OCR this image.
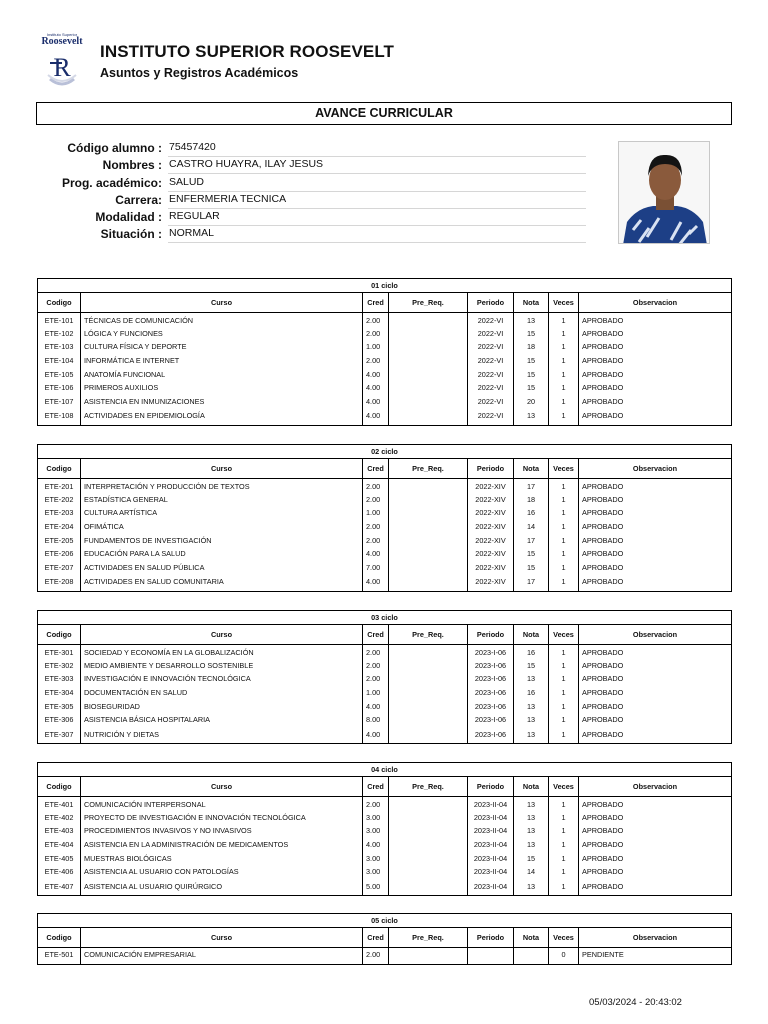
Instituto Superior
Roosevelt
R
INSTITUTO SUPERIOR ROOSEVELT
Asuntos y Registros Académicos
AVANCE CURRICULAR
Código alumno : 75457420
Nombres : CASTRO HUAYRA, ILAY JESUS
Prog. académico: SALUD
Carrera: ENFERMERIA TECNICA
Modalidad : REGULAR
Situación : NORMAL
01 ciclo							
Codigo	Curso	Cred	Pre_Req.	Periodo	Nota	Veces	Observacion
ETE-101	TÉCNICAS DE COMUNICACIÓN	2.00		2022-VI	13	1	APROBADO
ETE-102	LÓGICA Y FUNCIONES	2.00		2022-VI	15	1	APROBADO
ETE-103	CULTURA FÍSICA Y DEPORTE	1.00		2022-VI	18	1	APROBADO
ETE-104	INFORMÁTICA E INTERNET	2.00		2022-VI	15	1	APROBADO
ETE-105	ANATOMÍA FUNCIONAL	4.00		2022-VI	15	1	APROBADO
ETE-106	PRIMEROS AUXILIOS	4.00		2022-VI	15	1	APROBADO
ETE-107	ASISTENCIA EN INMUNIZACIONES	4.00		2022-VI	20	1	APROBADO
ETE-108	ACTIVIDADES EN EPIDEMIOLOGÍA	4.00		2022-VI	13	1	APROBADO
02 ciclo							
Codigo	Curso	Cred	Pre_Req.	Periodo	Nota	Veces	Observacion
ETE-201	INTERPRETACIÓN Y PRODUCCIÓN DE TEXTOS	2.00		2022-XIV	17	1	APROBADO
ETE-202	ESTADÍSTICA GENERAL	2.00		2022-XIV	18	1	APROBADO
ETE-203	CULTURA ARTÍSTICA	1.00		2022-XIV	16	1	APROBADO
ETE-204	OFIMÁTICA	2.00		2022-XIV	14	1	APROBADO
ETE-205	FUNDAMENTOS DE INVESTIGACIÓN	2.00		2022-XIV	17	1	APROBADO
ETE-206	EDUCACIÓN PARA LA SALUD	4.00		2022-XIV	15	1	APROBADO
ETE-207	ACTIVIDADES EN SALUD PÚBLICA	7.00		2022-XIV	15	1	APROBADO
ETE-208	ACTIVIDADES EN SALUD COMUNITARIA	4.00		2022-XIV	17	1	APROBADO
03 ciclo							
Codigo	Curso	Cred	Pre_Req.	Periodo	Nota	Veces	Observacion
ETE-301	SOCIEDAD Y ECONOMÍA EN LA GLOBALIZACIÓN	2.00		2023-I-06	16	1	APROBADO
ETE-302	MEDIO AMBIENTE Y DESARROLLO SOSTENIBLE	2.00		2023-I-06	15	1	APROBADO
ETE-303	INVESTIGACIÓN E INNOVACIÓN TECNOLÓGICA	2.00		2023-I-06	13	1	APROBADO
ETE-304	DOCUMENTACIÓN EN SALUD	1.00		2023-I-06	16	1	APROBADO
ETE-305	BIOSEGURIDAD	4.00		2023-I-06	13	1	APROBADO
ETE-306	ASISTENCIA BÁSICA HOSPITALARIA	8.00		2023-I-06	13	1	APROBADO
ETE-307	NUTRICIÓN Y DIETAS	4.00		2023-I-06	13	1	APROBADO
04 ciclo							
Codigo	Curso	Cred	Pre_Req.	Periodo	Nota	Veces	Observacion
ETE-401	COMUNICACIÓN INTERPERSONAL	2.00		2023-II-04	13	1	APROBADO
ETE-402	PROYECTO DE INVESTIGACIÓN E INNOVACIÓN TECNOLÓGICA	3.00		2023-II-04	13	1	APROBADO
ETE-403	PROCEDIMIENTOS INVASIVOS Y NO INVASIVOS	3.00		2023-II-04	13	1	APROBADO
ETE-404	ASISTENCIA EN LA ADMINISTRACIÓN DE MEDICAMENTOS	4.00		2023-II-04	13	1	APROBADO
ETE-405	MUESTRAS BIOLÓGICAS	3.00		2023-II-04	15	1	APROBADO
ETE-406	ASISTENCIA AL USUARIO CON PATOLOGÍAS	3.00		2023-II-04	14	1	APROBADO
ETE-407	ASISTENCIA AL USUARIO QUIRÚRGICO	5.00		2023-II-04	13	1	APROBADO
05 ciclo							
Codigo	Curso	Cred	Pre_Req.	Periodo	Nota	Veces	Observacion
ETE-501	COMUNICACIÓN EMPRESARIAL	2.00				0	PENDIENTE
05/03/2024 - 20:43:02
